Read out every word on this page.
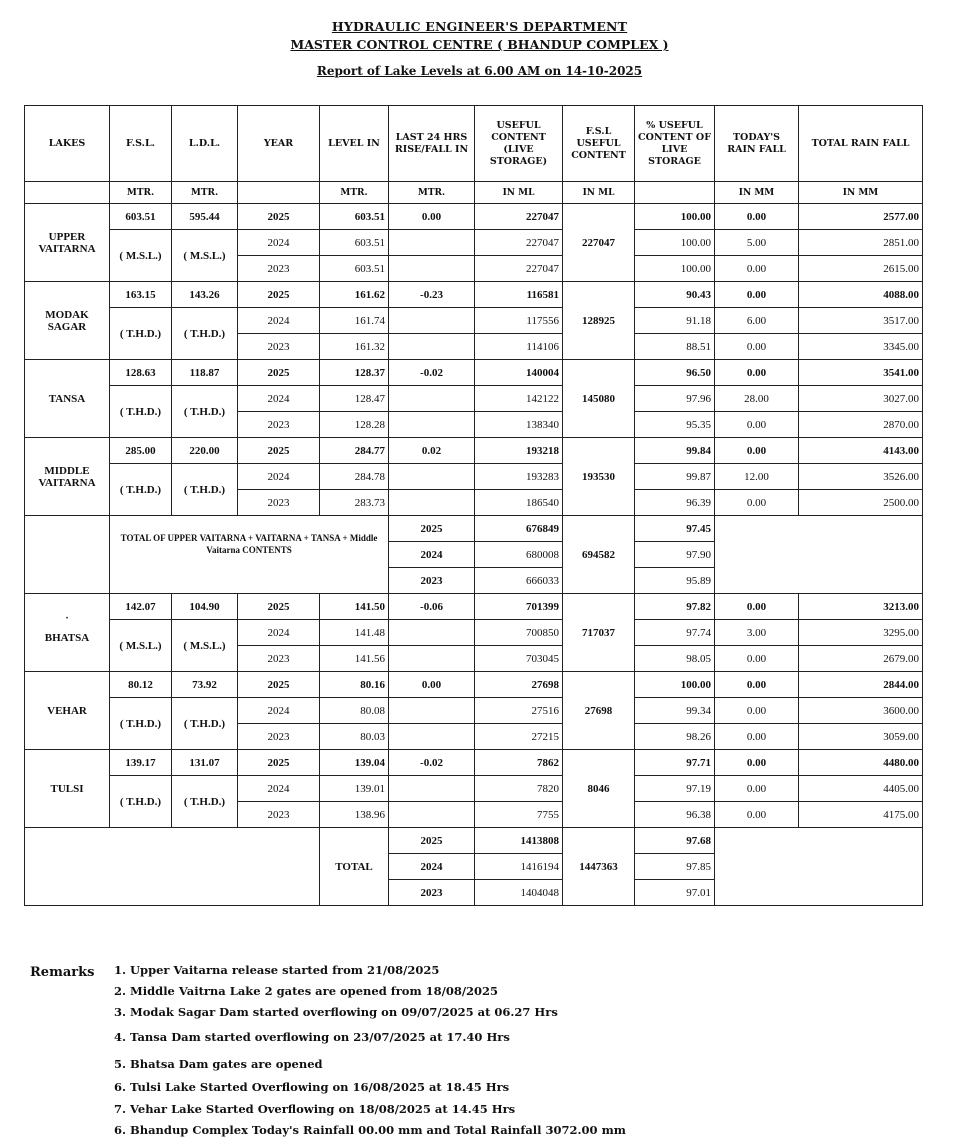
HYDRAULIC ENGINEER'S DEPARTMENT
MASTER CONTROL CENTRE ( BHANDUP COMPLEX )
Report of Lake Levels at 6.00 AM on 14-10-2025
LAKES	F.S.L.	L.D.L.	YEAR	LEVEL IN	LAST 24 HRS RISE/FALL IN	USEFUL CONTENT (LIVE STORAGE)	F.S.L USEFUL CONTENT	% USEFUL CONTENT OF LIVE STORAGE	TODAY'S RAIN FALL	TOTAL RAIN FALL
	MTR.	MTR.		MTR.	MTR.	IN ML	IN ML		IN MM	IN MM
UPPER VAITARNA	603.51	595.44	2025	603.51	0.00	227047	227047	100.00	0.00	2577.00
	( M.S.L.)	( M.S.L.)	2024	603.51		227047		100.00	5.00	2851.00
			2023	603.51		227047		100.00	0.00	2615.00
MODAK SAGAR	163.15	143.26	2025	161.62	-0.23	116581	128925	90.43	0.00	4088.00
	( T.H.D.)	( T.H.D.)	2024	161.74		117556		91.18	6.00	3517.00
			2023	161.32		114106		88.51	0.00	3345.00
TANSA	128.63	118.87	2025	128.37	-0.02	140004	145080	96.50	0.00	3541.00
	( T.H.D.)	( T.H.D.)	2024	128.47		142122		97.96	28.00	3027.00
			2023	128.28		138340		95.35	0.00	2870.00
MIDDLE VAITARNA	285.00	220.00	2025	284.77	0.02	193218	193530	99.84	0.00	4143.00
	( T.H.D.)	( T.H.D.)	2024	284.78		193283		99.87	12.00	3526.00
			2023	283.73		186540		96.39	0.00	2500.00
	TOTAL OF UPPER VAITARNA + VAITARNA + TANSA + Middle Vaitarna CONTENTS				2025	676849	694582	97.45		
					2024	680008		97.90		
					2023	666033		95.89		

·
BHATSA	142.07	104.90	2025	141.50	-0.06	701399	717037	97.82	0.00	3213.00
	( M.S.L.)	( M.S.L.)	2024	141.48		700850		97.74	3.00	3295.00
			2023	141.56		703045		98.05	0.00	2679.00
VEHAR	80.12	73.92	2025	80.16	0.00	27698	27698	100.00	0.00	2844.00
	( T.H.D.)	( T.H.D.)	2024	80.08		27516		99.34	0.00	3600.00
			2023	80.03		27215		98.26	0.00	3059.00
TULSI	139.17	131.07	2025	139.04	-0.02	7862	8046	97.71	0.00	4480.00
	( T.H.D.)	( T.H.D.)	2024	139.01		7820		97.19	0.00	4405.00
			2023	138.96		7755		96.38	0.00	4175.00
				TOTAL	2025	1413808	1447363	97.68		
					2024	1416194		97.85		
					2023	1404048		97.01		
Remarks 1. Upper Vaitarna release started from 21/08/2025
2. Middle Vaitrna Lake 2 gates are opened from 18/08/2025
3. Modak Sagar Dam started overflowing on 09/07/2025 at 06.27 Hrs
4. Tansa Dam started overflowing on 23/07/2025 at 17.40 Hrs
5. Bhatsa Dam gates are opened
6. Tulsi Lake Started Overflowing on 16/08/2025 at 18.45 Hrs
7. Vehar Lake Started Overflowing on 18/08/2025 at 14.45 Hrs
6. Bhandup Complex Today's Rainfall 00.00 mm and Total Rainfall 3072.00 mm
